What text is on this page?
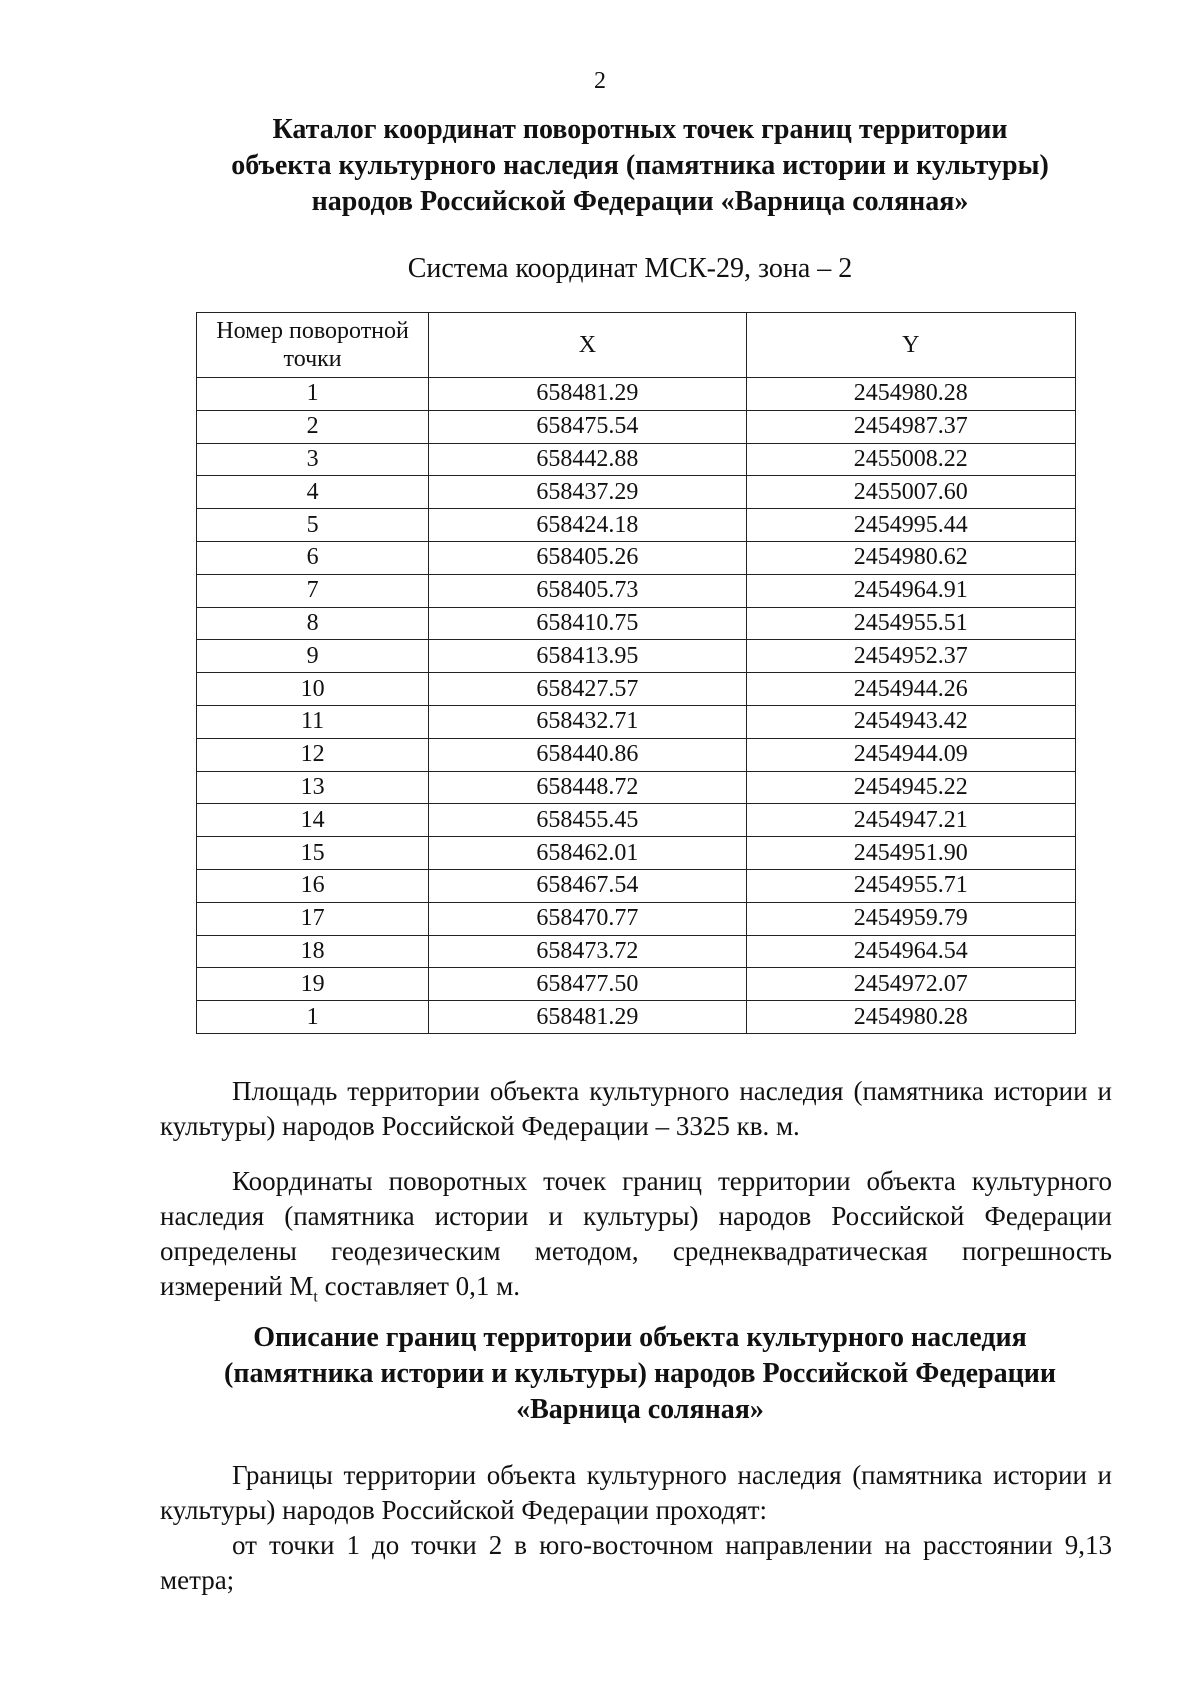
2
Каталог координат поворотных точек границ территории
объекта культурного наследия (памятника истории и культуры)
народов Российской Федерации «Варница соляная»
Система координат МСК-29, зона – 2
Номер поворотной точки	X	Y
1	658481.29	2454980.28
2	658475.54	2454987.37
3	658442.88	2455008.22
4	658437.29	2455007.60
5	658424.18	2454995.44
6	658405.26	2454980.62
7	658405.73	2454964.91
8	658410.75	2454955.51
9	658413.95	2454952.37
10	658427.57	2454944.26
11	658432.71	2454943.42
12	658440.86	2454944.09
13	658448.72	2454945.22
14	658455.45	2454947.21
15	658462.01	2454951.90
16	658467.54	2454955.71
17	658470.77	2454959.79
18	658473.72	2454964.54
19	658477.50	2454972.07
1	658481.29	2454980.28
Площадь территории объекта культурного наследия (памятника истории и культуры) народов Российской Федерации – 3325 кв. м.
Координаты поворотных точек границ территории объекта культурного наследия (памятника истории и культуры) народов Российской Федерации определены геодезическим методом, среднеквадратическая погрешность измерений $M_t$ составляет 0,1 м.
Описание границ территории объекта культурного наследия
(памятника истории и культуры) народов Российской Федерации
«Варница соляная»
Границы территории объекта культурного наследия (памятника истории и культуры) народов Российской Федерации проходят:
от точки 1 до точки 2 в юго-восточном направлении на расстоянии 9,13 метра;
